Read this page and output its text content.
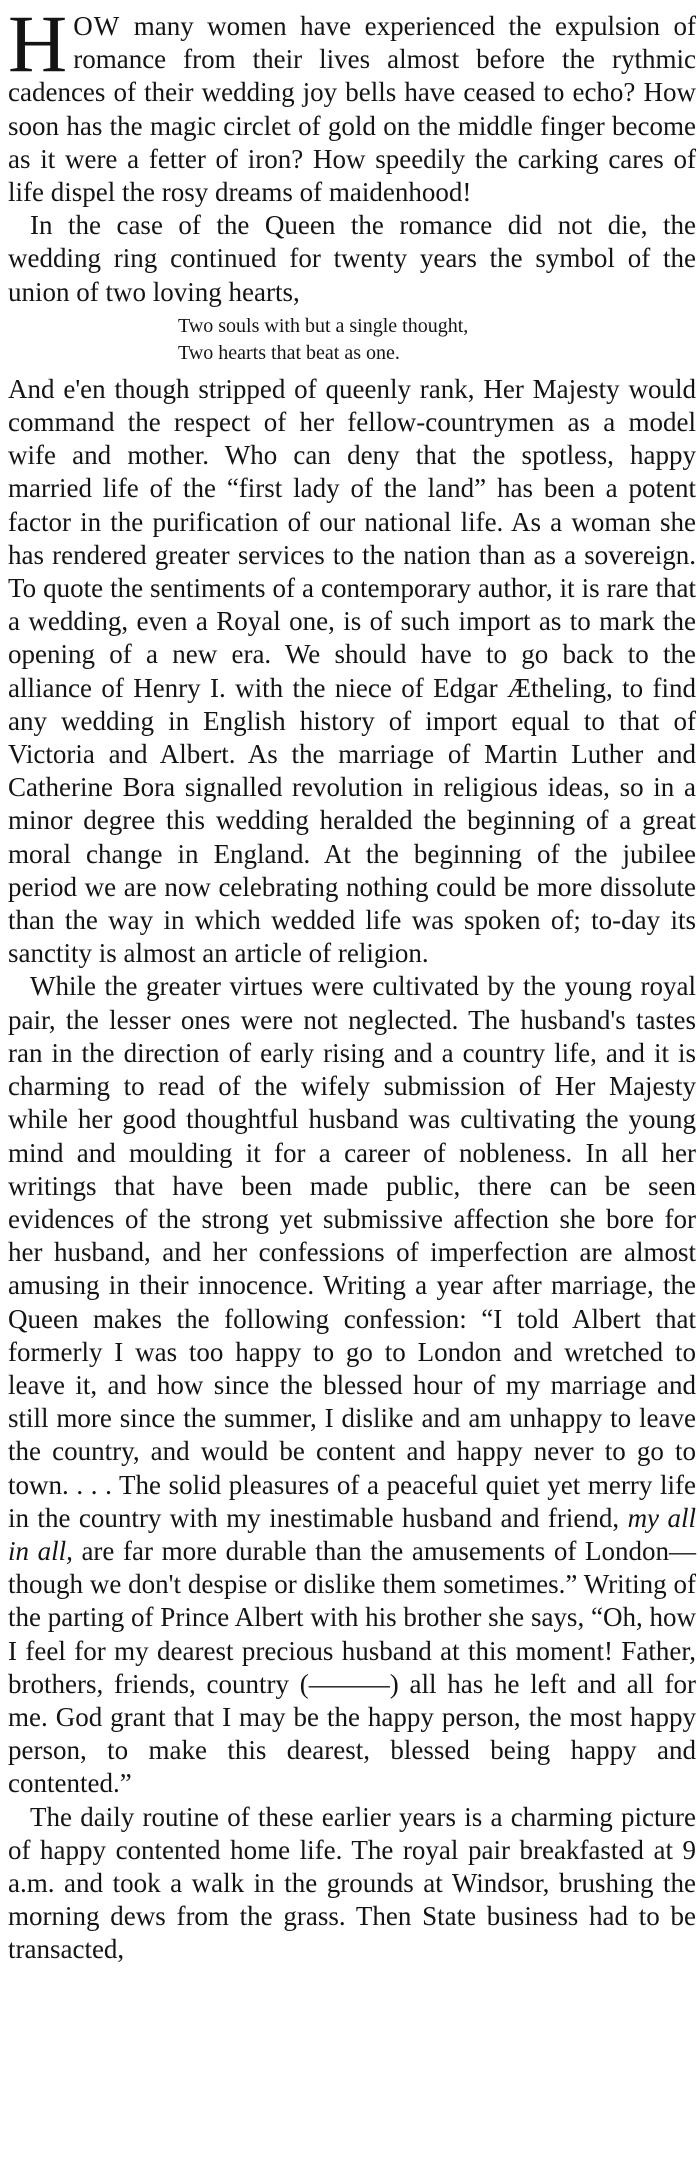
HOW many women have experienced the expulsion of romance from their lives almost before the rythmic cadences of their wedding joy bells have ceased to echo? How soon has the magic circlet of gold on the middle finger become as it were a fetter of iron? How speedily the carking cares of life dispel the rosy dreams of maidenhood!

In the case of the Queen the romance did not die, the wedding ring continued for twenty years the symbol of the union of two loving hearts,

Two souls with but a single thought,
Two hearts that beat as one.

And e'en though stripped of queenly rank, Her Majesty would command the respect of her fellow-countrymen as a model wife and mother. Who can deny that the spotless, happy married life of the “first lady of the land” has been a potent factor in the purification of our national life. As a woman she has rendered greater services to the nation than as a sovereign. To quote the sentiments of a contemporary author, it is rare that a wedding, even a Royal one, is of such import as to mark the opening of a new era. We should have to go back to the alliance of Henry I. with the niece of Edgar Ætheling, to find any wedding in English history of import equal to that of Victoria and Albert. As the marriage of Martin Luther and Catherine Bora signalled revolution in religious ideas, so in a minor degree this wedding heralded the beginning of a great moral change in England. At the beginning of the jubilee period we are now celebrating nothing could be more dissolute than the way in which wedded life was spoken of; to-day its sanctity is almost an article of religion.

While the greater virtues were cultivated by the young royal pair, the lesser ones were not neglected. The husband's tastes ran in the direction of early rising and a country life, and it is charming to read of the wifely submission of Her Majesty while her good thoughtful husband was cultivating the young mind and moulding it for a career of nobleness. In all her writings that have been made public, there can be seen evidences of the strong yet submissive affection she bore for her husband, and her confessions of imperfection are almost amusing in their innocence. Writing a year after marriage, the Queen makes the following confession: “I told Albert that formerly I was too happy to go to London and wretched to leave it, and how since the blessed hour of my marriage and still more since the summer, I dislike and am unhappy to leave the country, and would be content and happy never to go to town. . . . The solid pleasures of a peaceful quiet yet merry life in the country with my inestimable husband and friend, my all in all, are far more durable than the amusements of London—though we don't despise or dislike them sometimes.” Writing of the parting of Prince Albert with his brother she says, “Oh, how I feel for my dearest precious husband at this moment! Father, brothers, friends, country (———) all has he left and all for me. God grant that I may be the happy person, the most happy person, to make this dearest, blessed being happy and contented.”

The daily routine of these earlier years is a charming picture of happy contented home life. The royal pair breakfasted at 9 a.m. and took a walk in the grounds at Windsor, brushing the morning dews from the grass. Then State business had to be transacted,
